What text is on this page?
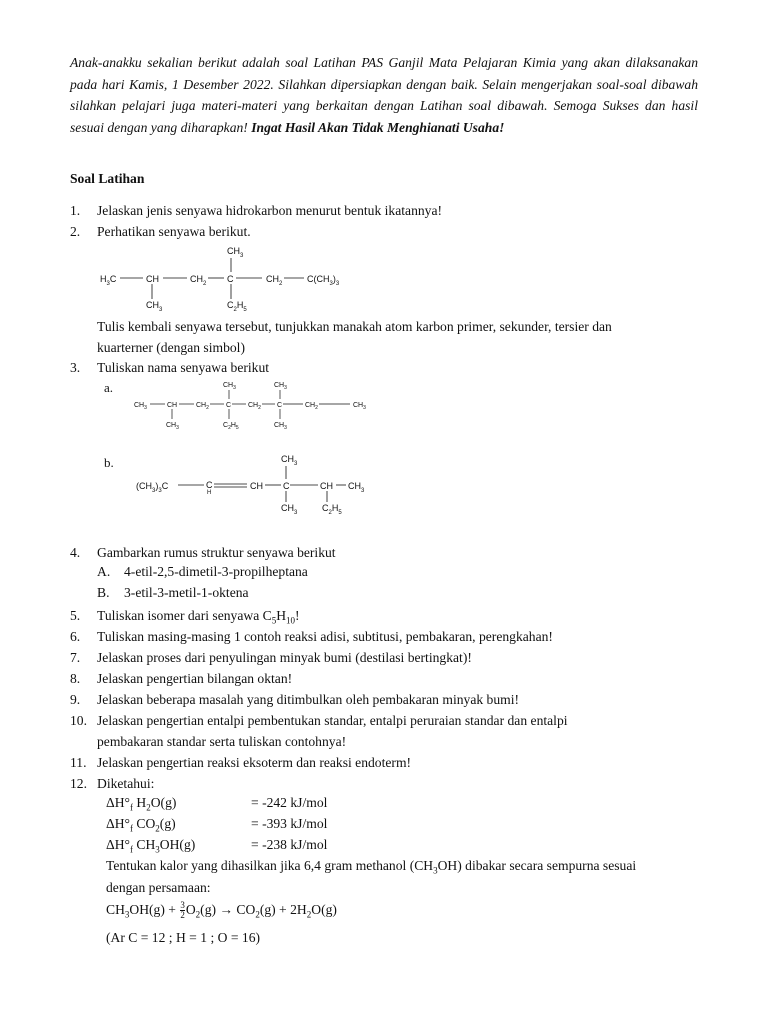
Anak-anakku sekalian berikut adalah soal Latihan PAS Ganjil Mata Pelajaran Kimia yang akan dilaksanakan pada hari Kamis, 1 Desember 2022. Silahkan dipersiapkan dengan baik. Selain mengerjakan soal-soal dibawah silahkan pelajari juga materi-materi yang berkaitan dengan Latihan soal dibawah. Semoga Sukses dan hasil sesuai dengan yang diharapkan! Ingat Hasil Akan Tidak Menghianati Usaha!
Soal Latihan
1. Jelaskan jenis senyawa hidrokarbon menurut bentuk ikatannya!
2. Perhatikan senyawa berikut.
$H_3C$	CH	$CH_2$ C	$CH_2$	$C(CH_3)_3$
$CH_3$
$CH_3$	$C_2H_5$
Tulis kembali senyawa tersebut, tunjukkan manakah atom karbon primer, sekunder, tersier dan
kuarterner (dengan simbol)
3. Tuliskan nama senyawa berikut
a.
$CH_3$	CH	$CH_2$ C $CH_2$ C	$CH_2$	$CH_3$
$CH_3$	$CH_3$
$CH_3$	$C_2H_5$	$CH_3$
b.
$(CH_3)_3C$	C
H
CH C	CH $CH_3$
$CH_3$
$CH_3$	$C_2H_5$
4. Gambarkan rumus struktur senyawa berikut
A. 4-etil-2,5-dimetil-3-propilheptana
B. 3-etil-3-metil-1-oktena
5. Tuliskan isomer dari senyawa $C_5H_{10}$!
6. Tuliskan masing-masing 1 contoh reaksi adisi, subtitusi, pembakaran, perengkahan!
7. Jelaskan proses dari penyulingan minyak bumi (destilasi bertingkat)!
8. Jelaskan pengertian bilangan oktan!
9. Jelaskan beberapa masalah yang ditimbulkan oleh pembakaran minyak bumi!
10. Jelaskan pengertian entalpi pembentukan standar, entalpi peruraian standar dan entalpi
pembakaran standar serta tuliskan contohnya!
11. Jelaskan pengertian reaksi eksoterm dan reaksi endoterm!
12. Diketahui:
$\Delta H^\circ_f$ $H_2O(g)$	= -242 kJ/mol
$\Delta H^\circ_f$ $CO_2(g)$	= -393 kJ/mol
$\Delta H^\circ_f$ $CH_3OH(g)$	= -238 kJ/mol
Tentukan kalor yang dihasilkan jika 6,4 gram methanol $(CH_3OH)$ dibakar secara sempurna sesuai
dengan persamaan:
$CH_3OH(g) + \frac{3}{2} O_2(g) \to CO_2(g) + 2H_2O(g)$
(Ar C = 12 ; H = 1 ; O = 16)
